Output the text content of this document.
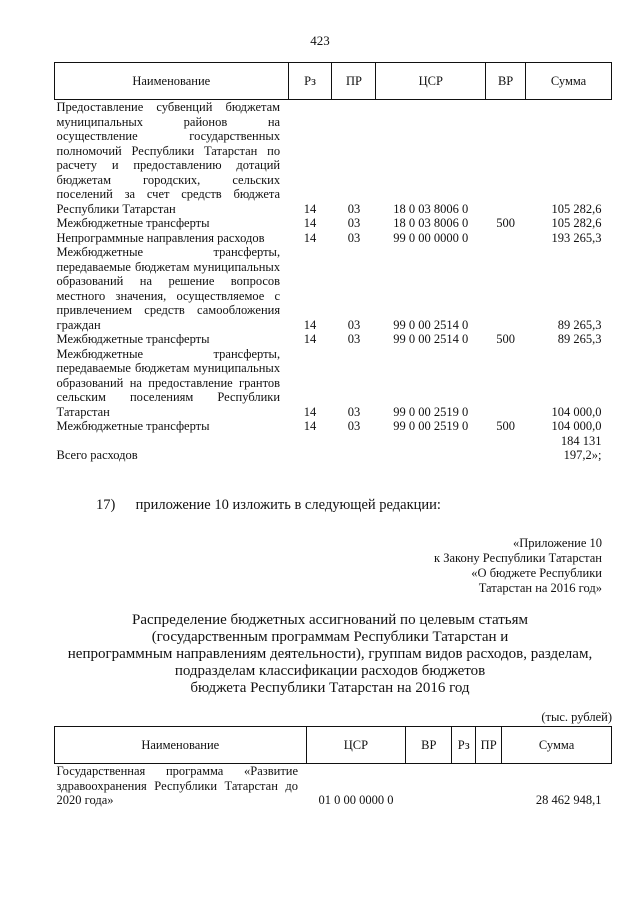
423
Наименование	Рз	ПР	ЦСР	ВР	Сумма
Предоставление субвенций бюджетам муниципальных районов на осуществление государственных полномочий Республики Татарстан по расчету и предоставлению дотаций бюджетам городских, сельских поселений за счет средств бюджета Республики Татарстан	14	03	18 0 03 8006 0		105 282,6
Межбюджетные трансферты	14	03	18 0 03 8006 0	500	105 282,6
Непрограммные направления расходов	14	03	99 0 00 0000 0		193 265,3
Межбюджетные трансферты, передаваемые бюджетам муниципальных образований на решение вопросов местного значения, осуществляемое с привлечением средств самообложения граждан	14	03	99 0 00 2514 0		89 265,3
Межбюджетные трансферты	14	03	99 0 00 2514 0	500	89 265,3
Межбюджетные трансферты, передаваемые бюджетам муниципальных образований на предоставление грантов сельским поселениям Республики Татарстан	14	03	99 0 00 2519 0		104 000,0
Межбюджетные трансферты	14	03	99 0 00 2519 0	500	104 000,0
Всего расходов					184 131 197,2»;
17) приложение 10 изложить в следующей редакции:
«Приложение 10
к Закону Республики Татарстан
«О бюджете Республики
Татарстан на 2016 год»
Распределение бюджетных ассигнований по целевым статьям
(государственным программам Республики Татарстан и
непрограммным направлениям деятельности), группам видов расходов, разделам,
подразделам классификации расходов бюджетов
бюджета Республики Татарстан на 2016 год
(тыс. рублей)
Наименование	ЦСР	ВР	Рз	ПР	Сумма
Государственная программа «Развитие здравоохранения Республики Татарстан до 2020 года»	01 0 00 0000 0				28 462 948,1
